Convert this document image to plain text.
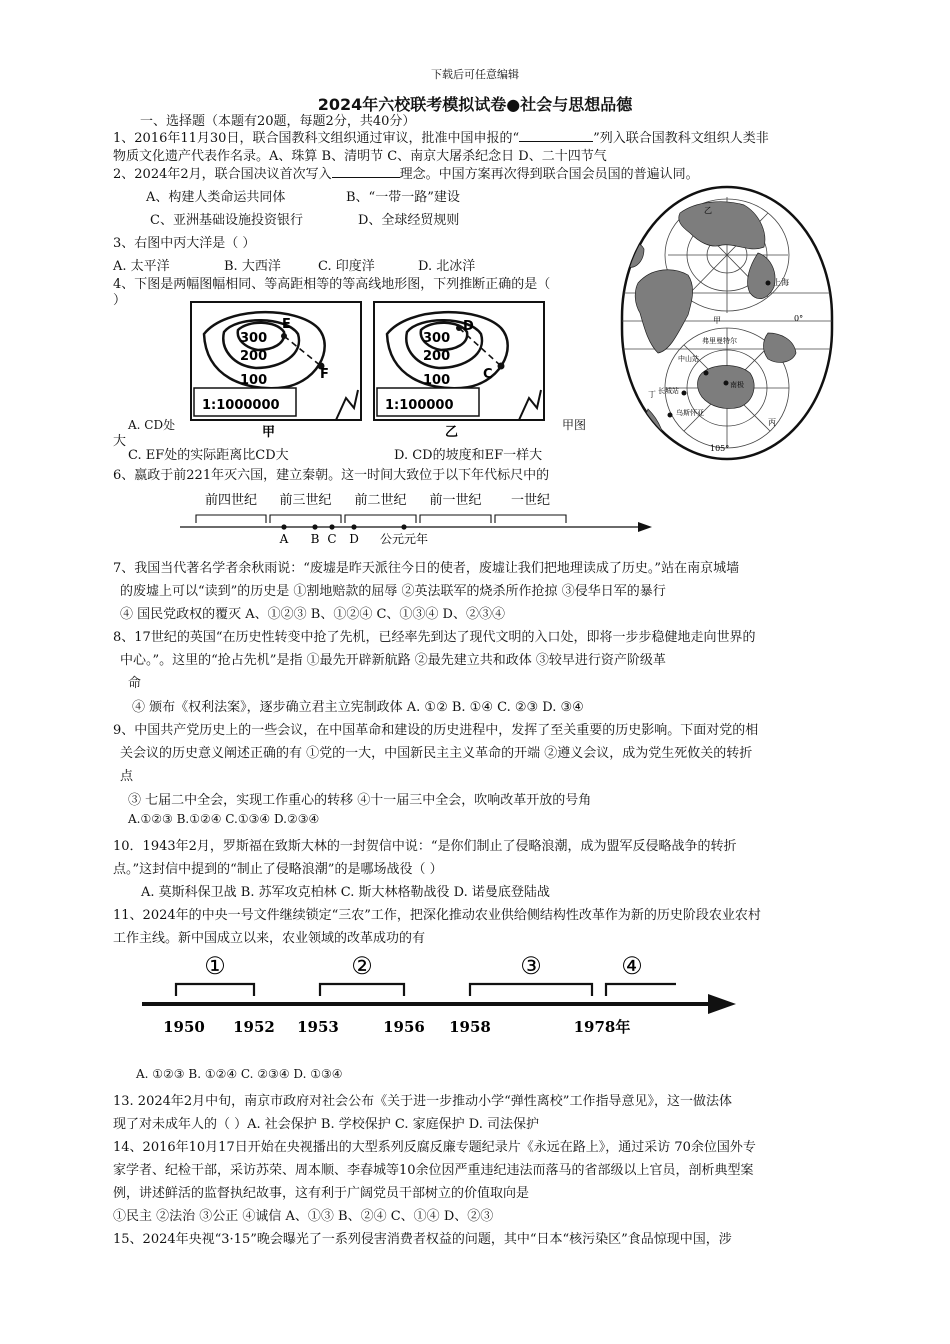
下载后可任意编辑
2024年六校联考模拟试卷●社会与思想品德
一、选择题（本题有20题，每题2分，共40分）
1、2016年11月30日，联合国教科文组织通过审议，批准中国申报的“	”列入联合国教科文组织人类非
物质文化遗产代表作名录。A、珠算 B、清明节 C、南京大屠杀纪念日 D、二十四节气
2、2024年2月，联合国决议首次写入	理念。中国方案再次得到联合国会员国的普遍认同。
A、构建人类命运共同体	B、“一带一路”建设
C、亚洲基础设施投资银行	D、全球经贸规则
3、右图中丙大洋是（ ）
A. 太平洋	B. 大西洋	C. 印度洋	D. 北冰洋
4、下图是两幅图幅相同、等高距相等的等高线地形图，下列推断正确的是（
）
E
F
300
200
100
1:1000000
甲
D
C
300
200
100
1:100000
乙
A. CD处	甲图
大
C. EF处的实际距离比CD大	D. CD的坡度和EF一样大
乙
上海
0°
甲
弗里曼特尔
中山站
南极
长城站
乌斯怀亚
丁
丙
105°
6、嬴政于前221年灭六国，建立秦朝。这一时间大致位于以下年代标尺中的
前四世纪 前三世纪 前二世纪 前一世纪 一世纪
A B C D 公元元年
7、我国当代著名学者余秋雨说：“废墟是昨天派往今日的使者，废墟让我们把地理读成了历史。”站在南京城墙
的废墟上可以“读到”的历史是 ①割地赔款的屈辱 ②英法联军的烧杀所作抢掠 ③侵华日军的暴行
④ 国民党政权的覆灭 A、①②③ B、①②④ C、①③④ D、②③④
8、17世纪的英国“在历史性转变中抢了先机，已经率先到达了现代文明的入口处，即将一步步稳健地走向世界的
中心。”。这里的“抢占先机”是指 ①最先开辟新航路 ②最先建立共和政体 ③较早进行资产阶级革
命
④ 颁布《权利法案》，逐步确立君主立宪制政体 A. ①② B. ①④ C. ②③ D. ③④
9、中国共产党历史上的一些会议，在中国革命和建设的历史进程中，发挥了至关重要的历史影响。下面对党的相
关会议的历史意义阐述正确的有 ①党的一大，中国新民主主义革命的开端 ②遵义会议，成为党生死攸关的转折
点
③ 七届二中全会，实现工作重心的转移 ④十一届三中全会，吹响改革开放的号角
A.①②③ B.①②④ C.①③④ D.②③④
10．1943年2月，罗斯福在致斯大林的一封贺信中说：“是你们制止了侵略浪潮，成为盟军反侵略战争的转折
点。”这封信中提到的“制止了侵略浪潮”的是哪场战役（ ）
A. 莫斯科保卫战 B. 苏军攻克柏林 C. 斯大林格勒战役 D. 诺曼底登陆战
11、2024年的中央一号文件继续锁定“三农”工作，把深化推动农业供给侧结构性改革作为新的历史阶段农业农村
工作主线。新中国成立以来，农业领域的改革成功的有
①	②	③	④
1950 1952 1953	1956 1958	1978年
A. ①②③ B. ①②④ C. ②③④ D. ①③④
13. 2024年2月中旬，南京市政府对社会公布《关于进一步推动小学“弹性离校”工作指导意见》，这一做法体
现了对未成年人的（ ）A. 社会保护 B. 学校保护 C. 家庭保护 D. 司法保护
14、2016年10月17日开始在央视播出的大型系列反腐反廉专题纪录片《永远在路上》，通过采访 70余位国外专
家学者、纪检干部，采访苏荣、周本顺、李春城等10余位因严重违纪违法而落马的省部级以上官员，剖析典型案
例，讲述鲜活的监督执纪故事，这有利于广阔党员干部树立的价值取向是
①民主 ②法治 ③公正 ④诚信 A、①③ B、②④ C、①④ D、②③
15、2024年央视“3·15”晚会曝光了一系列侵害消费者权益的问题，其中“日本“核污染区”食品惊现中国，涉
